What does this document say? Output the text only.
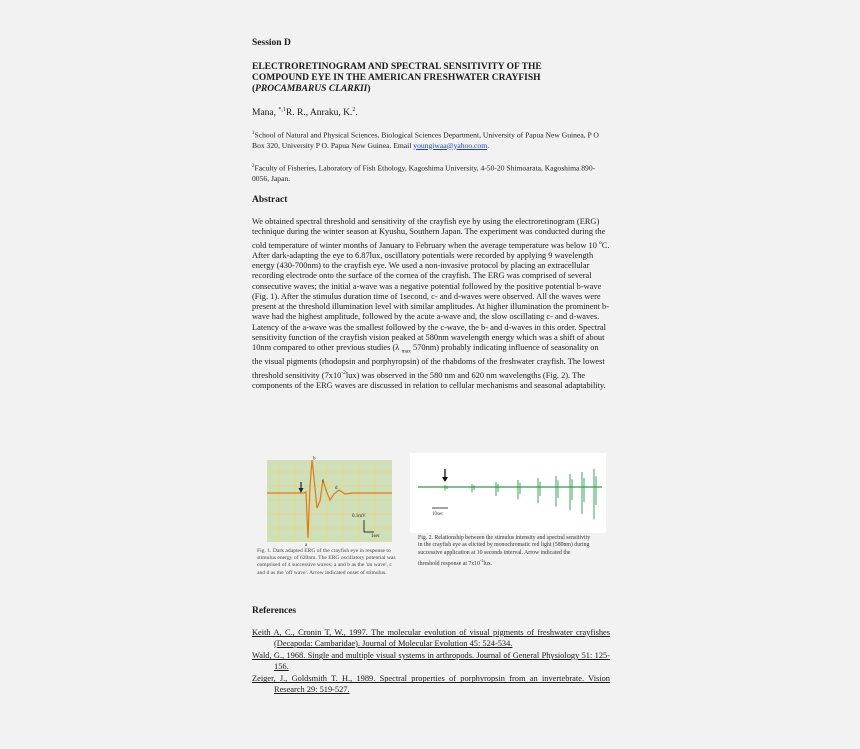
Session D
ELECTRORETINOGRAM AND SPECTRAL SENSITIVITY OF THE
COMPOUND EYE IN THE AMERICAN FRESHWATER CRAYFISH
(PROCAMBARUS CLARKII)
Mana, $^{*,1}$R. R., Anraku, K.$^2$.
$^1$School of Natural and Physical Sciences, Biological Sciences Department, University of Papua New Guinea, P O Box 320, University P O. Papua New Guinea. Email youngiwaa@yahoo.com.
$^2$Faculty of Fisheries, Laboratory of Fish Ethology, Kagoshima University, 4-50-20 Shimoarata, Kagoshima 890-0056, Japan.
Abstract
We obtained spectral threshold and sensitivity of the crayfish eye by using the electroretinogram (ERG) technique during the winter season at Kyushu, Southern Japan. The experiment was conducted during the cold temperature of winter months of January to February when the average temperature was below 10 $^o$C. After dark-adapting the eye to 6.87lux, oscillatory potentials were recorded by applying 9 wavelength energy (430-700nm) to the crayfish eye. We used a non-invasive protocol by placing an extracellular recording electrode onto the surface of the cornea of the crayfish. The ERG was comprised of several consecutive waves; the initial a-wave was a negative potential followed by the positive potential b-wave (Fig. 1). After the stimulus duration time of 1second, c- and d-waves were observed. All the waves were present at the threshold illumination level with similar amplitudes. At higher illumination the prominent b-wave had the highest amplitude, followed by the acute a-wave and, the slow oscillating c- and d-waves. Latency of the a-wave was the smallest followed by the c-wave, the b- and d-waves in this order. Spectral sensitivity function of the crayfish vision peaked at 580nm wavelength energy which was a shift of about 10nm compared to other previous studies (λ $_{max}$ 570nm) probably indicating influence of seasonality on the visual pigments (rhodopsin and porphyropsin) of the rhabdoms of the freshwater crayfish. The lowest threshold sensitivity $(7x10^{-2}lux)$ was observed in the 580 nm and 620 nm wavelengths (Fig. 2). The components of the ERG waves are discussed in relation to cellular mechanisms and seasonal adaptability.
b
c
d
a
0.1mV
1sec
Fig. 1. Dark adapted ERG of the crayfish eye in response to stimulus energy of 620nm. The ERG oscillatory potential was comprised of 4 successive waves; a and b as the 'on wave', c and d as the 'off wave'. Arrow indicated onset of stimulus.
10sec
Fig. 2. Relationship between the stimulus intensity and spectral sensitivity in the crayfish eye as elicited by monochromatic red light (580nm) during successive application at 10 seconds interval. Arrow indicated the threshold response at $7x10^{-2}lux$.
References
Keith A, C., Cronin T, W., 1997. The molecular evolution of visual pigments of freshwater crayfishes (Decapoda: Cambaridae). Journal of Molecular Evolution 45: 524-534.
Wald, G., 1968. Single and multiple visual systems in arthropods. Journal of General Physiology 51: 125-156.
Zeiger, J., Goldsmith T. H., 1989. Spectral properties of porphyropsin from an invertebrate. Vision Research 29: 519-527.
